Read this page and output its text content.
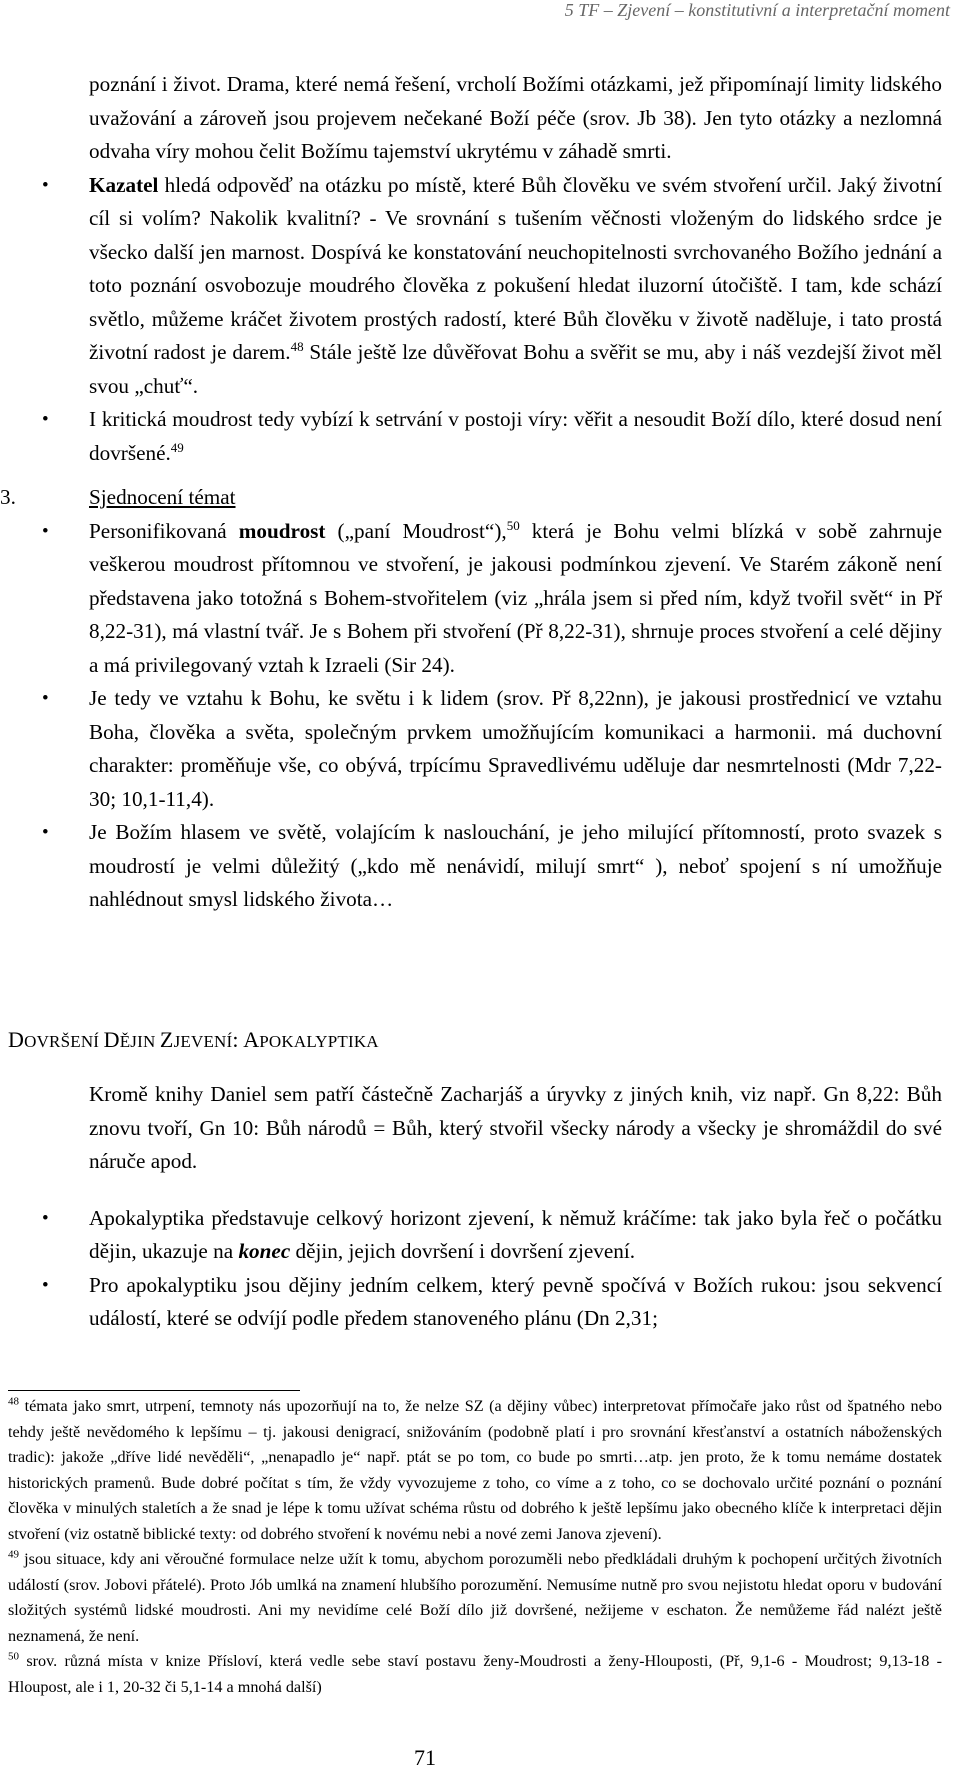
5 TF – Zjevení – konstitutivní a interpretační moment

poznání i život. Drama, které nemá řešení, vrcholí Božími otázkami, jež připomínají limity lidského uvažování a zároveň jsou projevem nečekané Boží péče (srov. Jb 38). Jen tyto otázky a nezlomná odvaha víry mohou čelit Božímu tajemství ukrytému v záhadě smrti.

• Kazatel hledá odpověď na otázku po místě, které Bůh člověku ve svém stvoření určil. Jaký životní cíl si volím? Nakolik kvalitní? - Ve srovnání s tušením věčnosti vloženým do lidského srdce je všecko další jen marnost. Dospívá ke konstatování neuchopitelnosti svrchovaného Božího jednání a toto poznání osvobozuje moudrého člověka z pokušení hledat iluzorní útočiště. I tam, kde schází světlo, můžeme kráčet životem prostých radostí, které Bůh člověku v životě naděluje, i tato prostá životní radost je darem.$^{48}$ Stále ještě lze důvěřovat Bohu a svěřit se mu, aby i náš vezdejší život měl svou „chuť“.

• I kritická moudrost tedy vybízí k setrvání v postoji víry: věřit a nesoudit Boží dílo, které dosud není dovršené.$^{49}$

3.	Sjednocení témat

• Personifikovaná moudrost („paní Moudrost“),$^{50}$ která je Bohu velmi blízká v sobě zahrnuje veškerou moudrost přítomnou ve stvoření, je jakousi podmínkou zjevení. Ve Starém zákoně není představena jako totožná s Bohem-stvořitelem (viz „hrála jsem si před ním, když tvořil svět“ in Př 8,22-31), má vlastní tvář. Je s Bohem při stvoření (Př 8,22-31), shrnuje proces stvoření a celé dějiny a má privilegovaný vztah k Izraeli (Sir 24).

• Je tedy ve vztahu k Bohu, ke světu i k lidem (srov. Př 8,22nn), je jakousi prostřednicí ve vztahu Boha, člověka a světa, společným prvkem umožňujícím komunikaci a harmonii. má duchovní charakter: proměňuje vše, co obývá, trpícímu Spravedlivému uděluje dar nesmrtelnosti (Mdr 7,22-30; 10,1-11,4).

• Je Božím hlasem ve světě, volajícím k naslouchání, je jeho milující přítomností, proto svazek s moudrostí je velmi důležitý („kdo mě nenávidí, milují smrt“ ), neboť spojení s ní umožňuje nahlédnout smysl lidského života…

DOVRŠENÍ DĚJIN ZJEVENÍ: APOKALYPTIKA

Kromě knihy Daniel sem patří částečně Zacharjáš a úryvky z jiných knih, viz např. Gn 8,22: Bůh znovu tvoří, Gn 10: Bůh národů = Bůh, který stvořil všecky národy a všecky je shromáždil do své náruče apod.

• Apokalyptika představuje celkový horizont zjevení, k němuž kráčíme: tak jako byla řeč o počátku dějin, ukazuje na konec dějin, jejich dovršení i dovršení zjevení.

• Pro apokalyptiku jsou dějiny jedním celkem, který pevně spočívá v Božích rukou: jsou sekvencí událostí, které se odvíjí podle předem stanoveného plánu (Dn 2,31;

$^{48}$ témata jako smrt, utrpení, temnoty nás upozorňují na to, že nelze SZ (a dějiny vůbec) interpretovat přímočaře jako růst od špatného nebo tehdy ještě nevědomého k lepšímu – tj. jakousi denigrací, snižováním (podobně platí i pro srovnání křesťanství a ostatních náboženských tradic): jakože „dříve lidé nevěděli“, „nenapadlo je“ např. ptát se po tom, co bude po smrti…atp. jen proto, že k tomu nemáme dostatek historických pramenů. Bude dobré počítat s tím, že vždy vyvozujeme z toho, co víme a z toho, co se dochovalo určité poznání o poznání člověka v minulých staletích a že snad je lépe k tomu užívat schéma růstu od dobrého k ještě lepšímu jako obecného klíče k interpretaci dějin stvoření (viz ostatně biblické texty: od dobrého stvoření k novému nebi a nové zemi Janova zjevení).

$^{49}$ jsou situace, kdy ani věroučné formulace nelze užít k tomu, abychom porozuměli nebo předkládali druhým k pochopení určitých životních událostí (srov. Jobovi přátelé). Proto Jób umlká na znamení hlubšího porozumění. Nemusíme nutně pro svou nejistotu hledat oporu v budování složitých systémů lidské moudrosti. Ani my nevidíme celé Boží dílo již dovršené, nežijeme v eschaton. Že nemůžeme řád nalézt ještě neznamená, že není.

$^{50}$ srov. různá místa v knize Přísloví, která vedle sebe staví postavu ženy-Moudrosti a ženy-Hlouposti, (Př, 9,1-6 - Moudrost; 9,13-18 - Hloupost, ale i 1, 20-32 či 5,1-14 a mnohá další)

71
